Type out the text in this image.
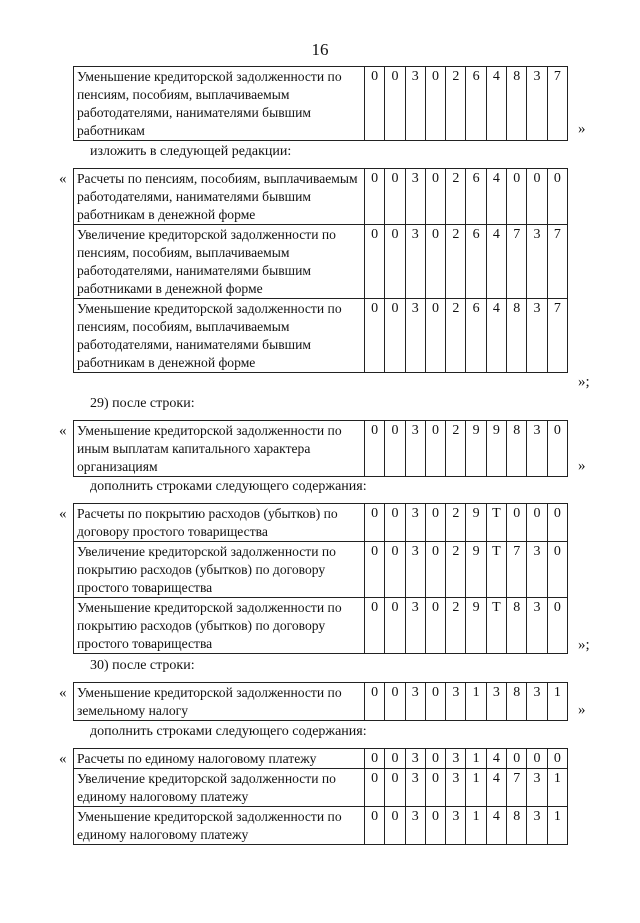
16
Уменьшение кредиторской задолженности по пенсиям, пособиям, выплачиваемым работодателями, нанимателями бывшим работникам	0	0	3	0	2	6	4	8	3	7
»
изложить в следующей редакции:
« Расчеты по пенсиям, пособиям, выплачиваемым работодателями, нанимателями бывшим работникам в денежной форме	0	0	3	0	2	6	4	0	0	0
Увеличение кредиторской задолженности по пенсиям, пособиям, выплачиваемым работодателями, нанимателями бывшим работниками в денежной форме	0	0	3	0	2	6	4	7	3	7
Уменьшение кредиторской задолженности по пенсиям, пособиям, выплачиваемым работодателями, нанимателями бывшим работникам в денежной форме	0	0	3	0	2	6	4	8	3	7
»;
29) после строки:
« Уменьшение кредиторской задолженности по иным выплатам капитального характера организациям	0	0	3	0	2	9	9	8	3	0
»
дополнить строками следующего содержания:
« Расчеты по покрытию расходов (убытков) по договору простого товарищества	0	0	3	0	2	9	Т	0	0	0
Увеличение кредиторской задолженности по покрытию расходов (убытков) по договору простого товарищества	0	0	3	0	2	9	Т	7	3	0
Уменьшение кредиторской задолженности по покрытию расходов (убытков) по договору простого товарищества	0	0	3	0	2	9	Т	8	3	0
»;
30) после строки:
« Уменьшение кредиторской задолженности по земельному налогу	0	0	3	0	3	1	3	8	3	1
»
дополнить строками следующего содержания:
« Расчеты по единому налоговому платежу	0	0	3	0	3	1	4	0	0	0
Увеличение кредиторской задолженности по единому налоговому платежу	0	0	3	0	3	1	4	7	3	1
Уменьшение кредиторской задолженности по единому налоговому платежу	0	0	3	0	3	1	4	8	3	1
